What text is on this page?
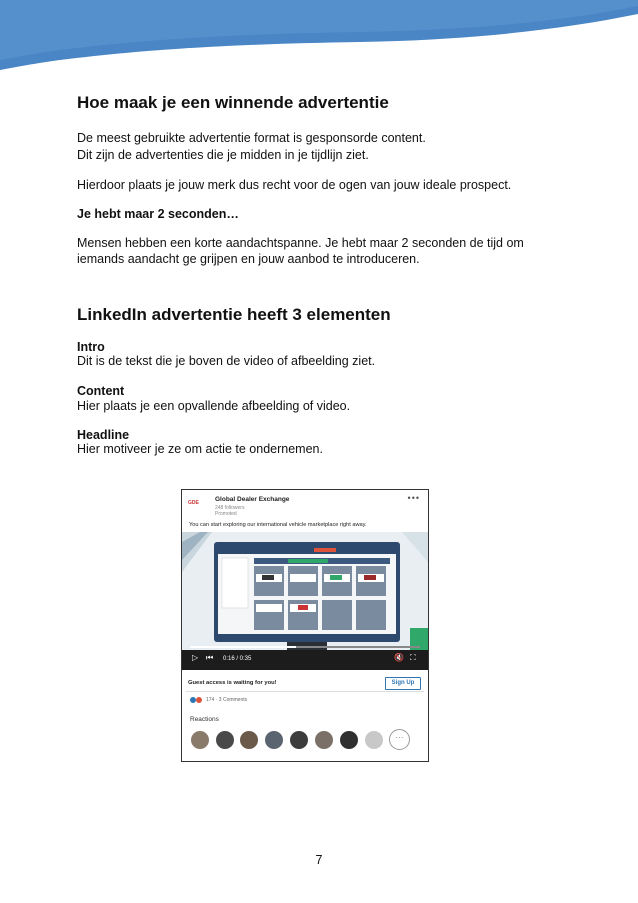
Hoe maak je een winnende advertentie

De meest gebruikte advertentie format is gesponsorde content.

Dit zijn de advertenties die je midden in je tijdlijn ziet.

Hierdoor plaats je jouw merk dus recht voor de ogen van jouw ideale prospect.

Je hebt maar 2 seconden…

Mensen hebben een korte aandachtspanne. Je hebt maar 2 seconden de tijd om

iemands aandacht ge grijpen en jouw aanbod te introduceren.

LinkedIn advertentie heeft 3 elementen

Intro

Dit is de tekst die je boven de video of afbeelding ziet.

Content

Hier plaats je een opvallende afbeelding of video.

Headline

Hier motiveer je ze om actie te ondernemen.

GDE	Global Dealer Exchange
248 followers
Promoted
•••
You can start exploring our international vehicle marketplace right away.
▷ ⏮ 0:16 / 0:35	🔇 ⛶
Guest access is waiting for you!	Sign Up
174 · 3 Comments
Reactions
···
7
